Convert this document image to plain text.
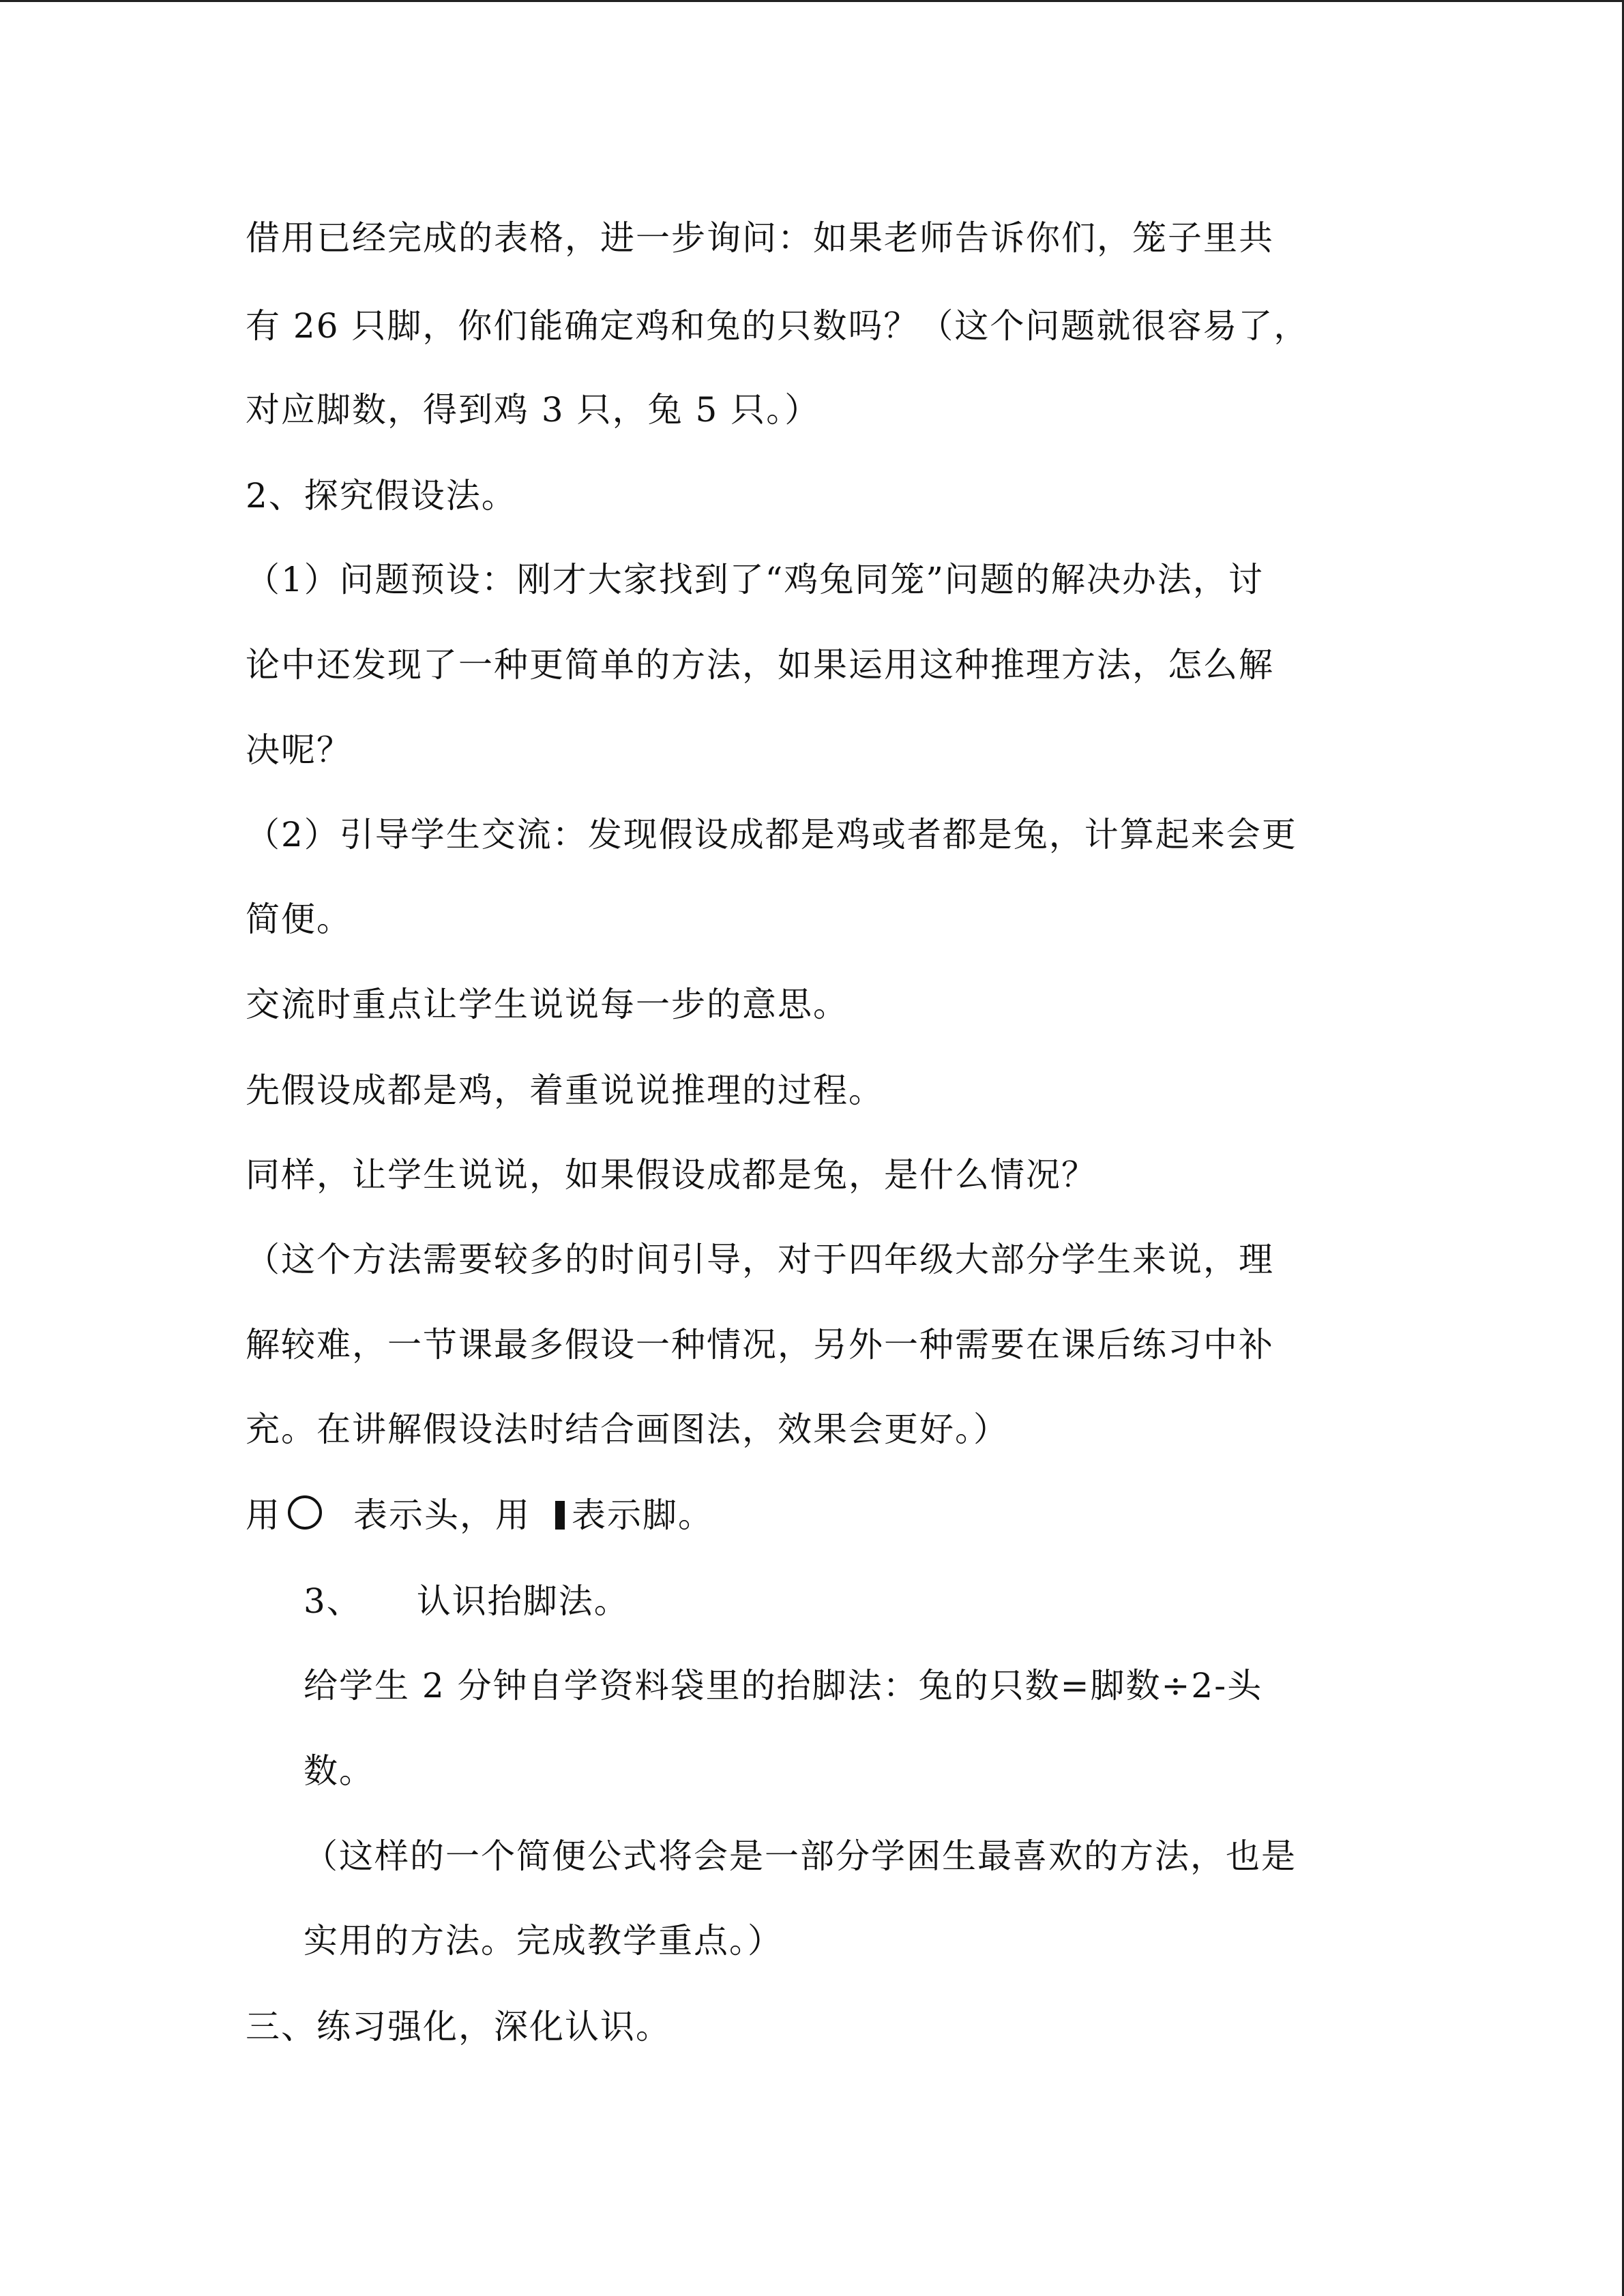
借用已经完成的表格，进一步询问：如果老师告诉你们，笼子里共
有 26 只脚，你们能确定鸡和兔的只数吗？（这个问题就很容易了，
对应脚数，得到鸡 3 只，兔 5 只。）
2、探究假设法。
（1）问题预设：刚才大家找到了“鸡兔同笼”问题的解决办法，讨
论中还发现了一种更简单的方法，如果运用这种推理方法，怎么解
决呢？
（2）引导学生交流：发现假设成都是鸡或者都是兔，计算起来会更
简便。
交流时重点让学生说说每一步的意思。
先假设成都是鸡，着重说说推理的过程。
同样，让学生说说，如果假设成都是兔，是什么情况？
（这个方法需要较多的时间引导，对于四年级大部分学生来说，理
解较难，一节课最多假设一种情况，另外一种需要在课后练习中补
充。在讲解假设法时结合画图法，效果会更好。）
用 表示头，用 表示脚。
3、 认识抬脚法。
给学生 2 分钟自学资料袋里的抬脚法：兔的只数=脚数÷2-头
数。
（这样的一个简便公式将会是一部分学困生最喜欢的方法，也是
实用的方法。完成教学重点。）
三、练习强化，深化认识。
